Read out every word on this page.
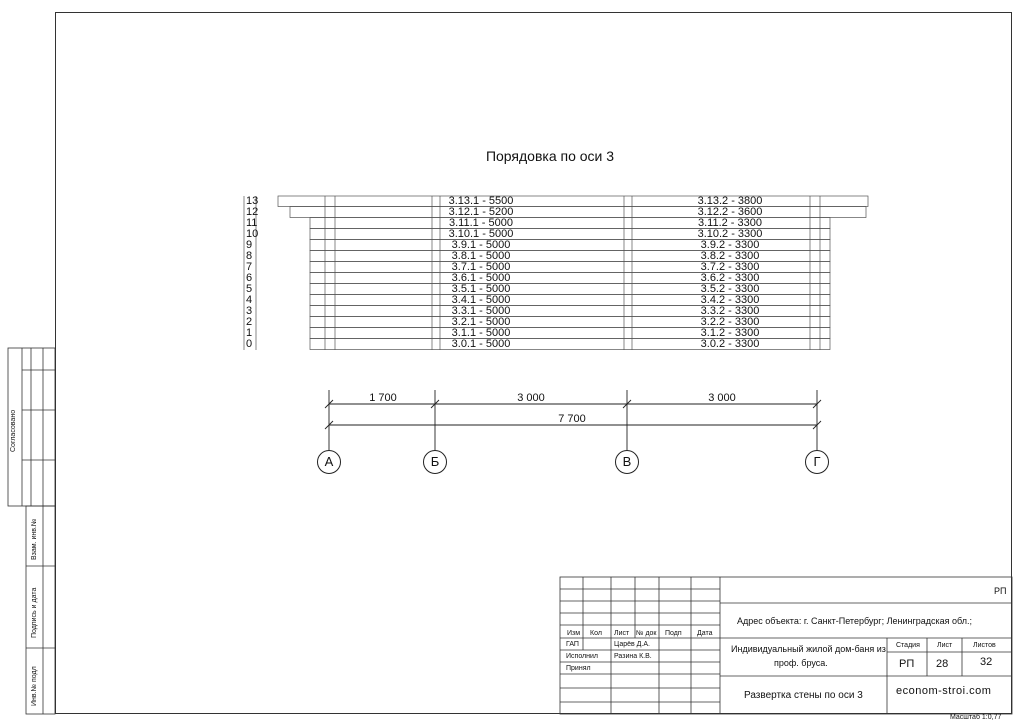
Порядовка по оси 3
13	3.13.1 - 5500	3.13.2 - 3800
12	3.12.1 - 5200	3.12.2 - 3600
11	3.11.1 - 5000	3.11.2 - 3300
10	3.10.1 - 5000	3.10.2 - 3300
9	3.9.1 - 5000	3.9.2 - 3300
8	3.8.1 - 5000	3.8.2 - 3300
7	3.7.1 - 5000	3.7.2 - 3300
6	3.6.1 - 5000	3.6.2 - 3300
5	3.5.1 - 5000	3.5.2 - 3300
4	3.4.1 - 5000	3.4.2 - 3300
3	3.3.1 - 5000	3.3.2 - 3300
2	3.2.1 - 5000	3.2.2 - 3300
1	3.1.1 - 5000	3.1.2 - 3300
0	3.0.1 - 5000	3.0.2 - 3300
1 700	3 000	3 000
7 700
А	Б	В	Г
Согласовано
Взам. инв.№
Подпись и дата
Инв.№ подл
РП
Адрес объекта: г. Санкт-Петербург; Ленинградская обл.;
Изм Кол Лист № док Подп Дата
ГАП	Царёв Д.А.
Исполнил Разина К.В.
Принял
Индивидуальный жилой дом-баня из
проф. бруса.
Стадия Лист	Листов
РП 28	32
Развертка стены по оси 3	econom-stroi.com
Масштаб 1:0,77
